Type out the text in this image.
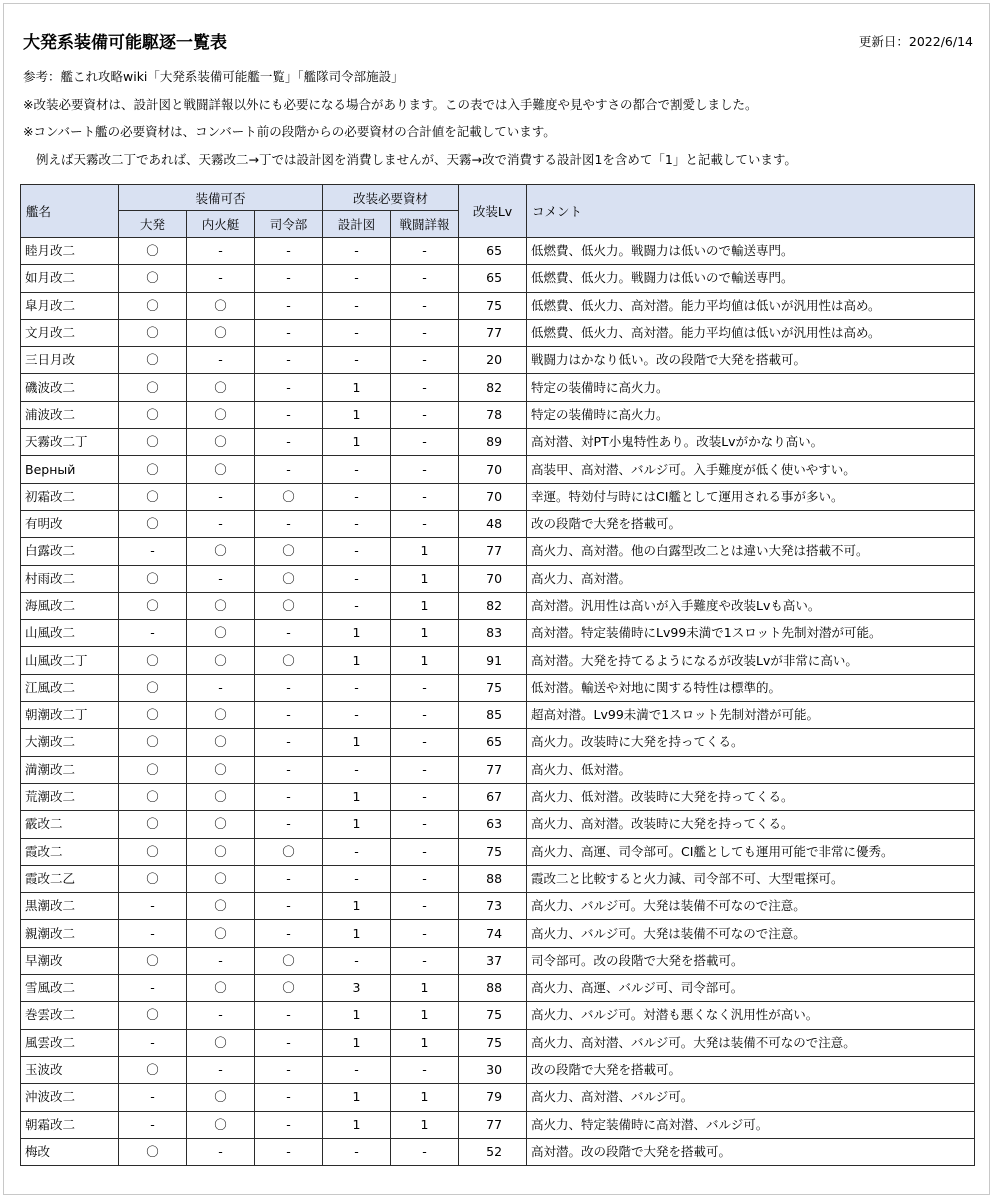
大発系装備可能駆逐一覧表	更新日：2022/6/14
参考：艦これ攻略wiki「大発系装備可能艦一覧」「艦隊司令部施設」
※改装必要資材は、設計図と戦闘詳報以外にも必要になる場合があります。この表では入手難度や見やすさの都合で割愛しました。
※コンバート艦の必要資材は、コンバート前の段階からの必要資材の合計値を記載しています。
例えば天霧改二丁であれば、天霧改二→丁では設計図を消費しませんが、天霧→改で消費する設計図1を含めて「1」と記載しています。
艦名	装備可否			改装必要資材		改装Lv	コメント
	大発	内火艇	司令部	設計図	戦闘詳報		
睦月改二	〇	-	-	-	-	65	低燃費、低火力。戦闘力は低いので輸送専門。
如月改二	〇	-	-	-	-	65	低燃費、低火力。戦闘力は低いので輸送専門。
皐月改二	〇	〇	-	-	-	75	低燃費、低火力、高対潜。能力平均値は低いが汎用性は高め。
文月改二	〇	〇	-	-	-	77	低燃費、低火力、高対潜。能力平均値は低いが汎用性は高め。
三日月改	〇	-	-	-	-	20	戦闘力はかなり低い。改の段階で大発を搭載可。
磯波改二	〇	〇	-	1	-	82	特定の装備時に高火力。
浦波改二	〇	〇	-	1	-	78	特定の装備時に高火力。
天霧改二丁	〇	〇	-	1	-	89	高対潜、対PT小鬼特性あり。改装Lvがかなり高い。
Верный	〇	〇	-	-	-	70	高装甲、高対潜、バルジ可。入手難度が低く使いやすい。
初霜改二	〇	-	〇	-	-	70	幸運。特効付与時にはCI艦として運用される事が多い。
有明改	〇	-	-	-	-	48	改の段階で大発を搭載可。
白露改二	-	〇	〇	-	1	77	高火力、高対潜。他の白露型改二とは違い大発は搭載不可。
村雨改二	〇	-	〇	-	1	70	高火力、高対潜。
海風改二	〇	〇	〇	-	1	82	高対潜。汎用性は高いが入手難度や改装Lvも高い。
山風改二	-	〇	-	1	1	83	高対潜。特定装備時にLv99未満で1スロット先制対潜が可能。
山風改二丁	〇	〇	〇	1	1	91	高対潜。大発を持てるようになるが改装Lvが非常に高い。
江風改二	〇	-	-	-	-	75	低対潜。輸送や対地に関する特性は標準的。
朝潮改二丁	〇	〇	-	-	-	85	超高対潜。Lv99未満で1スロット先制対潜が可能。
大潮改二	〇	〇	-	1	-	65	高火力。改装時に大発を持ってくる。
満潮改二	〇	〇	-	-	-	77	高火力、低対潜。
荒潮改二	〇	〇	-	1	-	67	高火力、低対潜。改装時に大発を持ってくる。
霰改二	〇	〇	-	1	-	63	高火力、高対潜。改装時に大発を持ってくる。
霞改二	〇	〇	〇	-	-	75	高火力、高運、司令部可。CI艦としても運用可能で非常に優秀。
霞改二乙	〇	〇	-	-	-	88	霞改二と比較すると火力減、司令部不可、大型電探可。
黒潮改二	-	〇	-	1	-	73	高火力、バルジ可。大発は装備不可なので注意。
親潮改二	-	〇	-	1	-	74	高火力、バルジ可。大発は装備不可なので注意。
早潮改	〇	-	〇	-	-	37	司令部可。改の段階で大発を搭載可。
雪風改二	-	〇	〇	3	1	88	高火力、高運、バルジ可、司令部可。
巻雲改二	〇	-	-	1	1	75	高火力、バルジ可。対潜も悪くなく汎用性が高い。
風雲改二	-	〇	-	1	1	75	高火力、高対潜、バルジ可。大発は装備不可なので注意。
玉波改	〇	-	-	-	-	30	改の段階で大発を搭載可。
沖波改二	-	〇	-	1	1	79	高火力、高対潜、バルジ可。
朝霜改二	-	〇	-	1	1	77	高火力、特定装備時に高対潜、バルジ可。
梅改	〇	-	-	-	-	52	高対潜。改の段階で大発を搭載可。
